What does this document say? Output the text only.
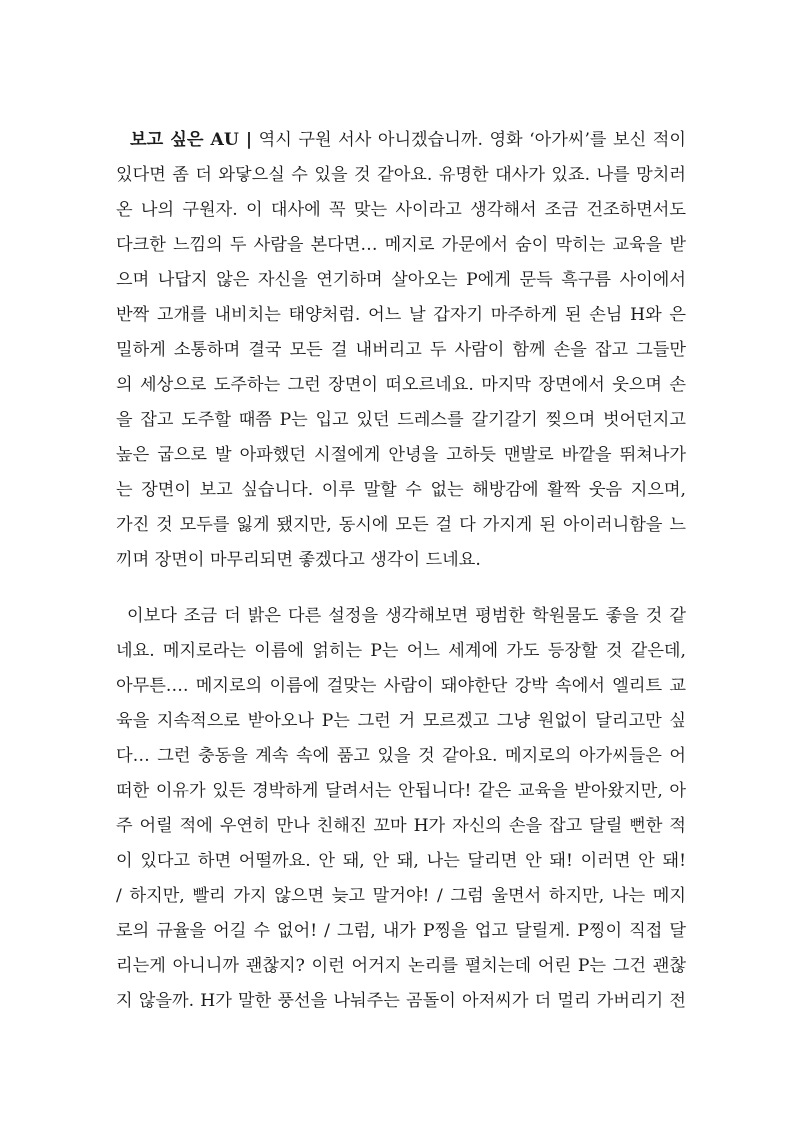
보고 싶은 AU | 역시 구원 서사 아니겠습니까. 영화 ‘아가씨’를 보신 적이
있다면 좀 더 와닿으실 수 있을 것 같아요. 유명한 대사가 있죠. 나를 망치러
온 나의 구원자. 이 대사에 꼭 맞는 사이라고 생각해서 조금 건조하면서도
다크한 느낌의 두 사람을 본다면… 메지로 가문에서 숨이 막히는 교육을 받
으며 나답지 않은 자신을 연기하며 살아오는 P에게 문득 흑구름 사이에서
반짝 고개를 내비치는 태양처럼. 어느 날 갑자기 마주하게 된 손님 H와 은
밀하게 소통하며 결국 모든 걸 내버리고 두 사람이 함께 손을 잡고 그들만
의 세상으로 도주하는 그런 장면이 떠오르네요. 마지막 장면에서 웃으며 손
을 잡고 도주할 때쯤 P는 입고 있던 드레스를 갈기갈기 찢으며 벗어던지고
높은 굽으로 발 아파했던 시절에게 안녕을 고하듯 맨발로 바깥을 뛰쳐나가
는 장면이 보고 싶습니다. 이루 말할 수 없는 해방감에 활짝 웃음 지으며,
가진 것 모두를 잃게 됐지만, 동시에 모든 걸 다 가지게 된 아이러니함을 느
끼며 장면이 마무리되면 좋겠다고 생각이 드네요.
이보다 조금 더 밝은 다른 설정을 생각해보면 평범한 학원물도 좋을 것 같
네요. 메지로라는 이름에 얽히는 P는 어느 세계에 가도 등장할 것 같은데,
아무튼…. 메지로의 이름에 걸맞는 사람이 돼야한단 강박 속에서 엘리트 교
육을 지속적으로 받아오나 P는 그런 거 모르겠고 그냥 원없이 달리고만 싶
다… 그런 충동을 계속 속에 품고 있을 것 같아요. 메지로의 아가씨들은 어
떠한 이유가 있든 경박하게 달려서는 안됩니다! 같은 교육을 받아왔지만, 아
주 어릴 적에 우연히 만나 친해진 꼬마 H가 자신의 손을 잡고 달릴 뻔한 적
이 있다고 하면 어떨까요. 안 돼, 안 돼, 나는 달리면 안 돼! 이러면 안 돼!
/ 하지만, 빨리 가지 않으면 늦고 말거야! / 그럼 울면서 하지만, 나는 메지
로의 규율을 어길 수 없어! / 그럼, 내가 P찡을 업고 달릴게. P찡이 직접 달
리는게 아니니까 괜찮지? 이런 어거지 논리를 펼치는데 어린 P는 그건 괜찮
지 않을까. H가 말한 풍선을 나눠주는 곰돌이 아저씨가 더 멀리 가버리기 전
